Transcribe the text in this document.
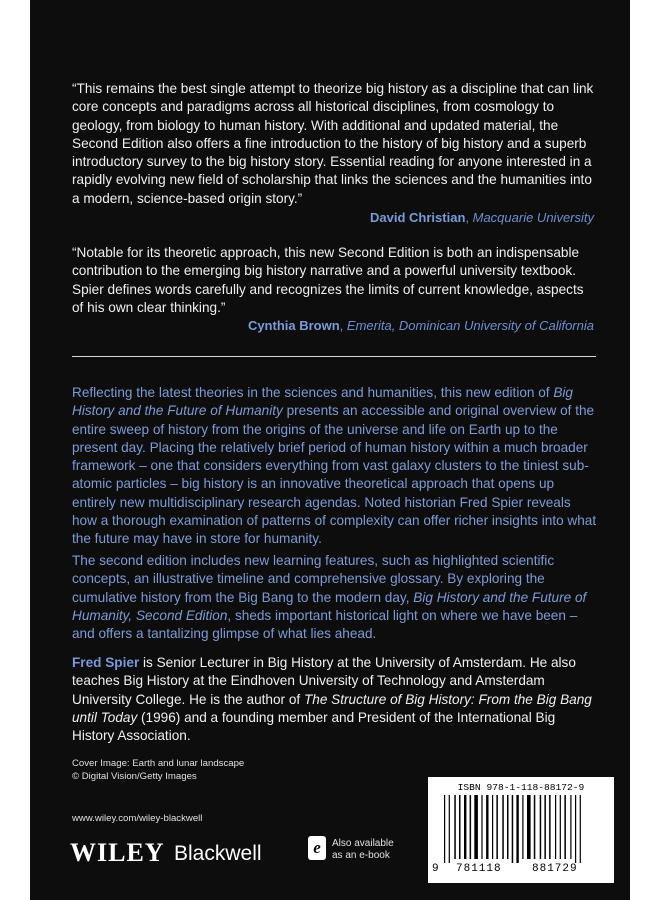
“This remains the best single attempt to theorize big history as a discipline that can link core concepts and paradigms across all historical disciplines, from cosmology to geology, from biology to human history. With additional and updated material, the Second Edition also offers a fine introduction to the history of big history and a superb introductory survey to the big history story. Essential reading for anyone interested in a rapidly evolving new field of scholarship that links the sciences and the humanities into a modern, science-based origin story.”

David Christian, Macquarie University

“Notable for its theoretic approach, this new Second Edition is both an indispensable contribution to the emerging big history narrative and a powerful university textbook. Spier defines words carefully and recognizes the limits of current knowledge, aspects of his own clear thinking.”

Cynthia Brown, Emerita, Dominican University of California

Reflecting the latest theories in the sciences and humanities, this new edition of Big History and the Future of Humanity presents an accessible and original overview of the entire sweep of history from the origins of the universe and life on Earth up to the present day. Placing the relatively brief period of human history within a much broader framework – one that considers everything from vast galaxy clusters to the tiniest sub-atomic particles – big history is an innovative theoretical approach that opens up entirely new multidisciplinary research agendas. Noted historian Fred Spier reveals how a thorough examination of patterns of complexity can offer richer insights into what the future may have in store for humanity.

The second edition includes new learning features, such as highlighted scientific concepts, an illustrative timeline and comprehensive glossary. By exploring the cumulative history from the Big Bang to the modern day, Big History and the Future of Humanity, Second Edition, sheds important historical light on where we have been – and offers a tantalizing glimpse of what lies ahead.

Fred Spier is Senior Lecturer in Big History at the University of Amsterdam. He also teaches Big History at the Eindhoven University of Technology and Amsterdam University College. He is the author of The Structure of Big History: From the Big Bang until Today (1996) and a founding member and President of the International Big History Association.

Cover Image: Earth and lunar landscape
© Digital Vision/Getty Images
www.wiley.com/wiley-blackwell
WILEY Blackwell	e	Also available
as an e-book
ISBN 978-1-118-88172-9
9 781118	881729
